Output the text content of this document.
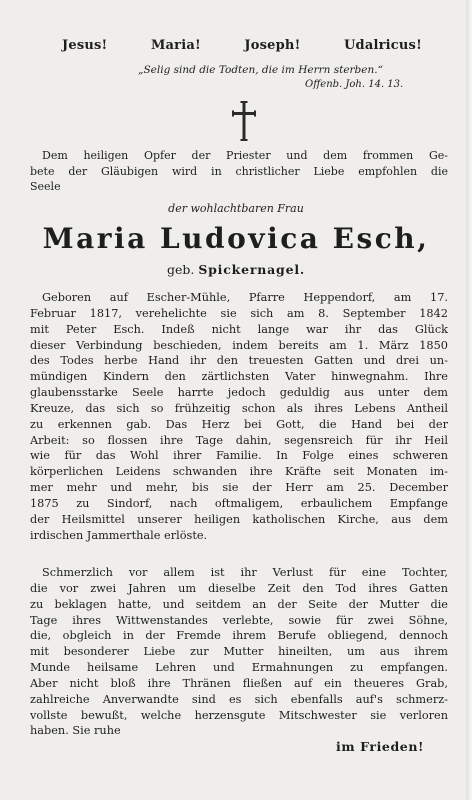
Jesus!	Maria!	Joseph!	Udalricus!
„Selig sind die Todten, die im Herrn sterben.“
Offenb. Joh. 14. 13.
Dem heiligen Opfer der Priester und dem frommen Ge-
bete der Gläubigen wird in christlicher Liebe empfohlen die
Seele
der wohlachtbaren Frau
Maria Ludovica Esch,
geb. Spickernagel.
Geboren auf Escher-Mühle, Pfarre Heppendorf, am 17.
Februar 1817, verehelichte sie sich am 8. September 1842
mit Peter Esch. Indeß nicht lange war ihr das Glück
dieser Verbindung beschieden, indem bereits am 1. März 1850
des Todes herbe Hand ihr den treuesten Gatten und drei un-
mündigen Kindern den zärtlichsten Vater hinwegnahm. Ihre
glaubensstarke Seele harrte jedoch geduldig aus unter dem
Kreuze, das sich so frühzeitig schon als ihres Lebens Antheil
zu erkennen gab. Das Herz bei Gott, die Hand bei der
Arbeit: so flossen ihre Tage dahin, segensreich für ihr Heil
wie für das Wohl ihrer Familie. In Folge eines schweren
körperlichen Leidens schwanden ihre Kräfte seit Monaten im-
mer mehr und mehr, bis sie der Herr am 25. December
1875 zu Sindorf, nach oftmaligem, erbaulichem Empfange
der Heilsmittel unserer heiligen katholischen Kirche, aus dem
irdischen Jammerthale erlöste.
Schmerzlich vor allem ist ihr Verlust für eine Tochter,
die vor zwei Jahren um dieselbe Zeit den Tod ihres Gatten
zu beklagen hatte, und seitdem an der Seite der Mutter die
Tage ihres Wittwenstandes verlebte, sowie für zwei Söhne,
die, obgleich in der Fremde ihrem Berufe obliegend, dennoch
mit besonderer Liebe zur Mutter hineilten, um aus ihrem
Munde heilsame Lehren und Ermahnungen zu empfangen.
Aber nicht bloß ihre Thränen fließen auf ein theueres Grab,
zahlreiche Anverwandte sind es sich ebenfalls auf's schmerz-
vollste bewußt, welche herzensgute Mitschwester sie verloren
haben. Sie ruhe
im Frieden!
